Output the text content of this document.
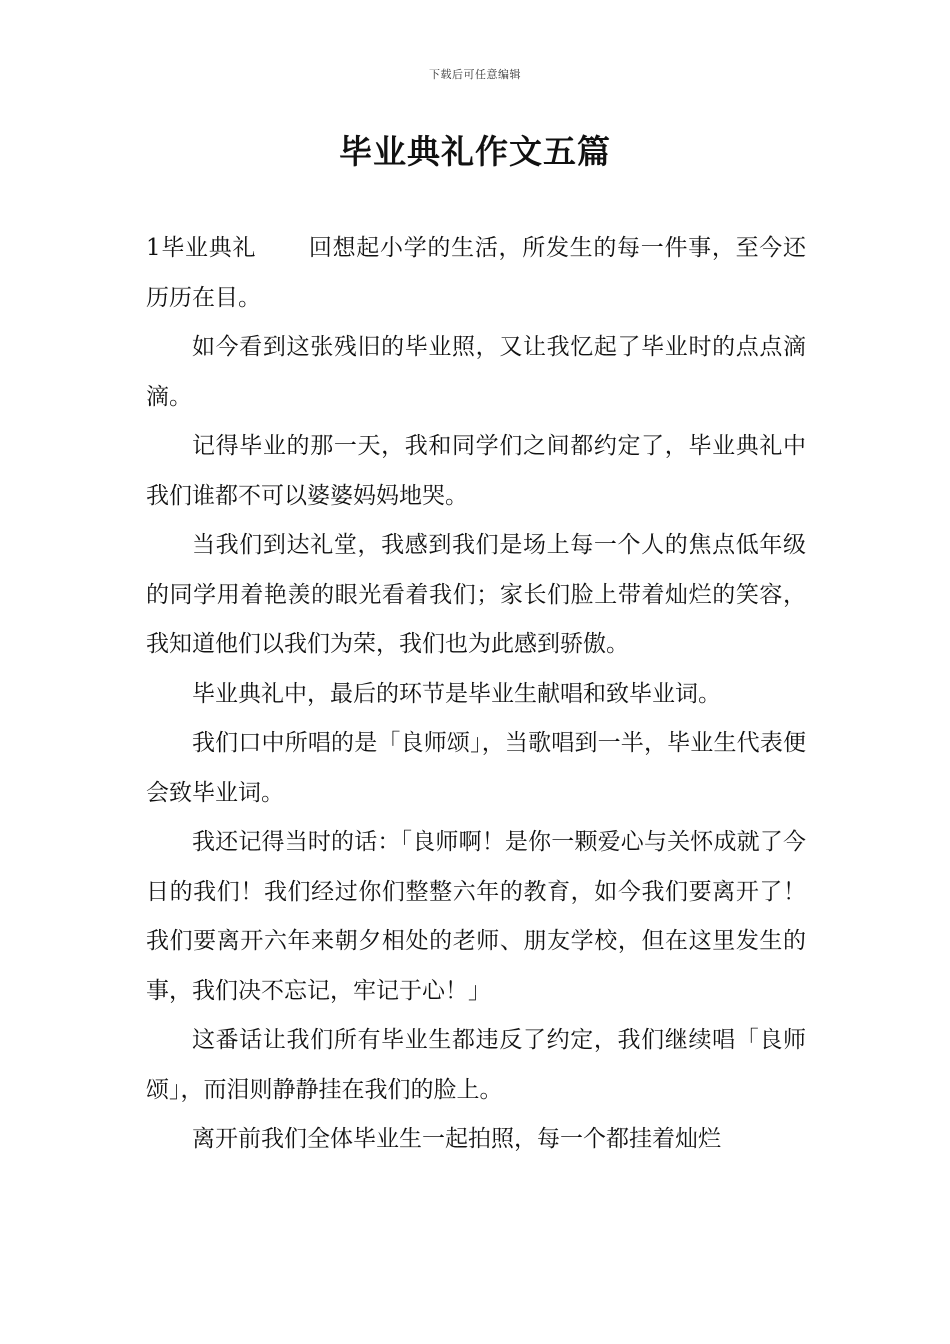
下载后可任意编辑
毕业典礼作文五篇

1毕业典礼 回想起小学的生活，所发生的每一件事，至今还历历在目。

如今看到这张残旧的毕业照，又让我忆起了毕业时的点点滴滴。

记得毕业的那一天，我和同学们之间都约定了，毕业典礼中我们谁都不可以婆婆妈妈地哭。

当我们到达礼堂，我感到我们是场上每一个人的焦点低年级的同学用着艳羡的眼光看着我们；家长们脸上带着灿烂的笑容，我知道他们以我们为荣，我们也为此感到骄傲。

毕业典礼中，最后的环节是毕业生献唱和致毕业词。

我们口中所唱的是「良师颂」，当歌唱到一半，毕业生代表便会致毕业词。

我还记得当时的话：「良师啊！是你一颗爱心与关怀成就了今日的我们！我们经过你们整整六年的教育，如今我们要离开了！我们要离开六年来朝夕相处的老师、朋友学校，但在这里发生的事，我们决不忘记，牢记于心！」

这番话让我们所有毕业生都违反了约定，我们继续唱「良师颂」，而泪则静静挂在我们的脸上。

离开前我们全体毕业生一起拍照，每一个都挂着灿烂
